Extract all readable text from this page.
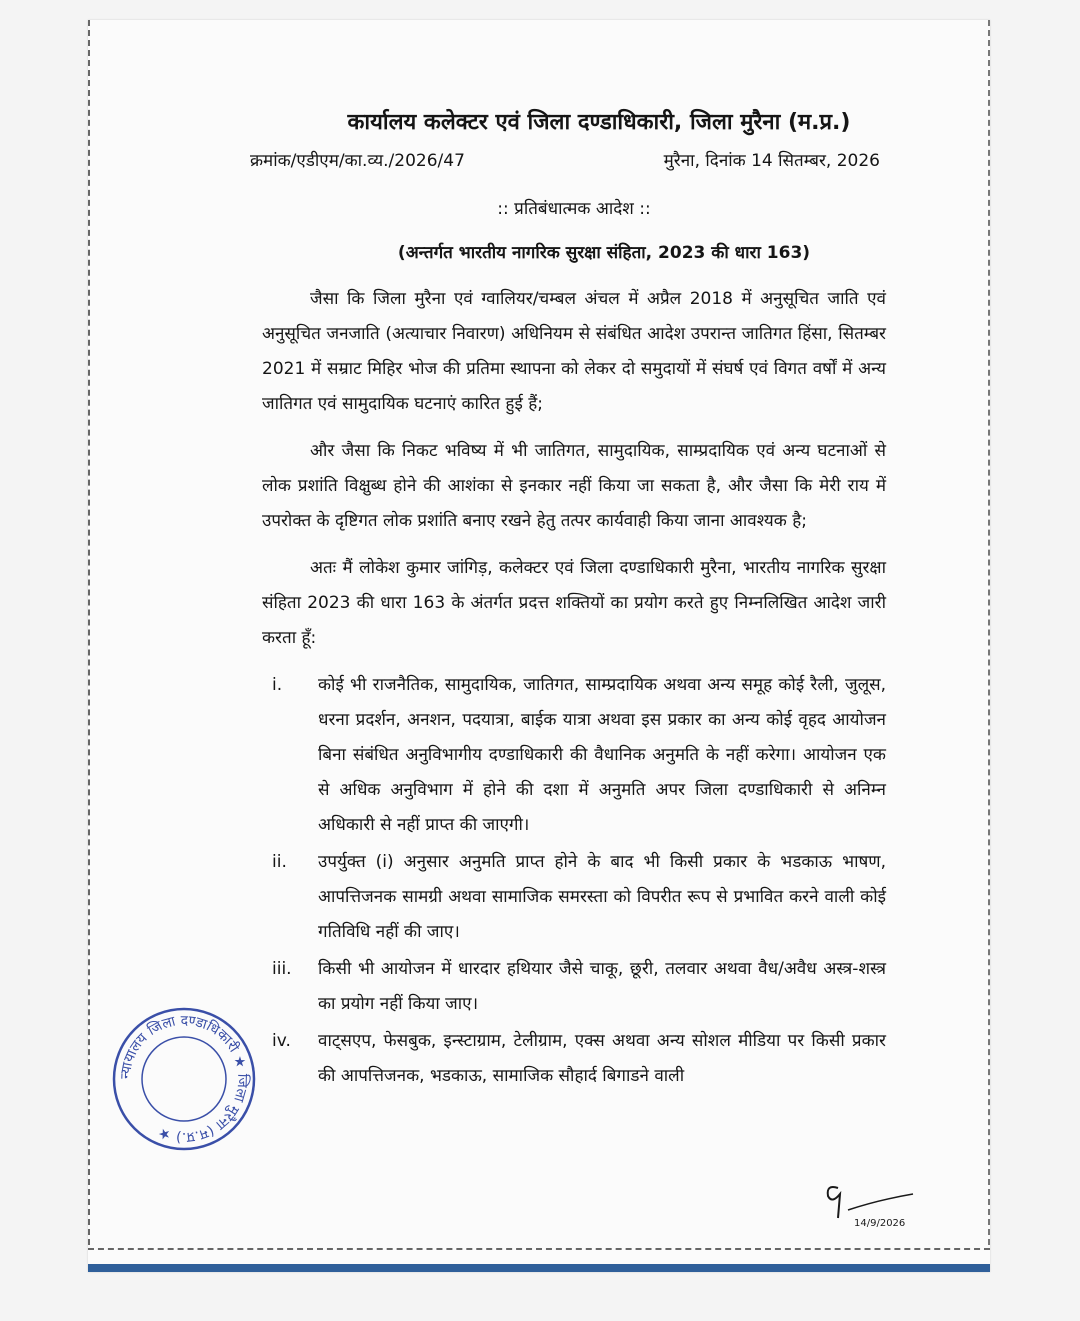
कार्यालय कलेक्टर एवं जिला दण्डाधिकारी, जिला मुरैना (म.प्र.)
क्रमांक/एडीएम/का.व्य./2026/47	मुरैना, दिनांक 14 सितम्बर, 2026
:: प्रतिबंधात्मक आदेश ::
(अन्तर्गत भारतीय नागरिक सुरक्षा संहिता, 2023 की धारा 163)

जैसा कि जिला मुरैना एवं ग्वालियर/चम्बल अंचल में अप्रैल 2018 में अनुसूचित जाति एवं अनुसूचित जनजाति (अत्याचार निवारण) अधिनियम से संबंधित आदेश उपरान्त जातिगत हिंसा, सितम्बर 2021 में सम्राट मिहिर भोज की प्रतिमा स्थापना को लेकर दो समुदायों में संघर्ष एवं विगत वर्षों में अन्य जातिगत एवं सामुदायिक घटनाएं कारित हुई हैं;

और जैसा कि निकट भविष्य में भी जातिगत, सामुदायिक, साम्प्रदायिक एवं अन्य घटनाओं से लोक प्रशांति विक्षुब्ध होने की आशंका से इनकार नहीं किया जा सकता है, और जैसा कि मेरी राय में उपरोक्त के दृष्टिगत लोक प्रशांति बनाए रखने हेतु तत्पर कार्यवाही किया जाना आवश्यक है;

अतः मैं लोकेश कुमार जांगिड़, कलेक्टर एवं जिला दण्डाधिकारी मुरैना, भारतीय नागरिक सुरक्षा संहिता 2023 की धारा 163 के अंतर्गत प्रदत्त शक्तियों का प्रयोग करते हुए निम्नलिखित आदेश जारी करता हूँ:

i.	कोई भी राजनैतिक, सामुदायिक, जातिगत, साम्प्रदायिक अथवा अन्य समूह कोई रैली, जुलूस, धरना प्रदर्शन, अनशन, पदयात्रा, बाईक यात्रा अथवा इस प्रकार का अन्य कोई वृहद आयोजन बिना संबंधित अनुविभागीय दण्डाधिकारी की वैधानिक अनुमति के नहीं करेगा। आयोजन एक से अधिक अनुविभाग में होने की दशा में अनुमति अपर जिला दण्डाधिकारी से अनिम्न अधिकारी से नहीं प्राप्त की जाएगी।
ii.	उपर्युक्त (i) अनुसार अनुमति प्राप्त होने के बाद भी किसी प्रकार के भडकाऊ भाषण, आपत्तिजनक सामग्री अथवा सामाजिक समरस्ता को विपरीत रूप से प्रभावित करने वाली कोई गतिविधि नहीं की जाए।
iii.	किसी भी आयोजन में धारदार हथियार जैसे चाकू, छूरी, तलवार अथवा वैध/अवैध अस्त्र-शस्त्र का प्रयोग नहीं किया जाए।
iv.	वाट्सएप, फेसबुक, इन्स्टाग्राम, टेलीग्राम, एक्स अथवा अन्य सोशल मीडिया पर किसी प्रकार की आपत्तिजनक, भडकाऊ, सामाजिक सौहार्द बिगाडने वाली
न्यायालय जिला दण्डाधिकारी ★ जिला मुरैना (म.प्र.) ★
14/9/2026
